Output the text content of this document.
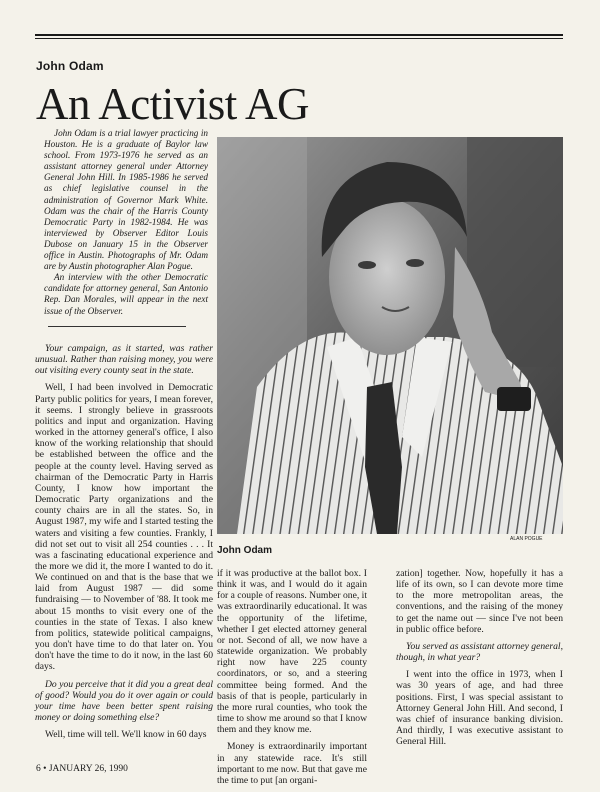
John Odam
An Activist AG

John Odam is a trial lawyer practicing in Houston. He is a graduate of Baylor law school. From 1973-1976 he served as an assistant attorney general under Attorney General John Hill. In 1985-1986 he served as chief legislative counsel in the administration of Governor Mark White. Odam was the chair of the Harris County Democratic Party in 1982-1984. He was interviewed by Observer Editor Louis Dubose on January 15 in the Observer office in Austin. Photographs of Mr. Odam are by Austin photographer Alan Pogue.

An interview with the other Democratic candidate for attorney general, San Antonio Rep. Dan Morales, will appear in the next issue of the Observer.

Your campaign, as it started, was rather unusual. Rather than raising money, you were out visiting every county seat in the state.

Well, I had been involved in Democratic Party public politics for years, I mean forever, it seems. I strongly believe in grassroots politics and input and organization. Having worked in the attorney general's office, I also know of the working relationship that should be established between the office and the people at the county level. Having served as chairman of the Democratic Party in Harris County, I know how important the Democratic Party organizations and the county chairs are in all the states. So, in August 1987, my wife and I started testing the waters and visiting a few counties. Frankly, I did not set out to visit all 254 counties . . . It was a fascinating educational experience and the more we did it, the more I wanted to do it. We continued on and that is the base that we laid from August 1987 — did some fundraising — to November of '88. It took me about 15 months to visit every one of the counties in the state of Texas. I also knew from politics, statewide political campaigns, you don't have time to do that later on. You don't have the time to do it now, in the last 60 days.

Do you perceive that it did you a great deal of good? Would you do it over again or could your time have been better spent raising money or doing something else?

Well, time will tell. We'll know in 60 days

ALAN POGUE
John Odam

if it was productive at the ballot box. I think it was, and I would do it again for a couple of reasons. Number one, it was extraordinarily educational. It was the opportunity of the lifetime, whether I get elected attorney general or not. Second of all, we now have a statewide organization. We probably right now have 225 county coordinators, or so, and a steering committee being formed. And the basis of that is people, particularly in the more rural counties, who took the time to show me around so that I know them and they know me.

Money is extraordinarily important in any statewide race. It's still important to me now. But that gave me the time to put [an organi-

zation] together. Now, hopefully it has a life of its own, so I can devote more time to the more metropolitan areas, the conventions, and the raising of the money to get the name out — since I've not been in public office before.

You served as assistant attorney general, though, in what year?

I went into the office in 1973, when I was 30 years of age, and had three positions. First, I was special assistant to Attorney General John Hill. And second, I was chief of insurance banking division. And thirdly, I was executive assistant to General Hill.

6 • JANUARY 26, 1990
